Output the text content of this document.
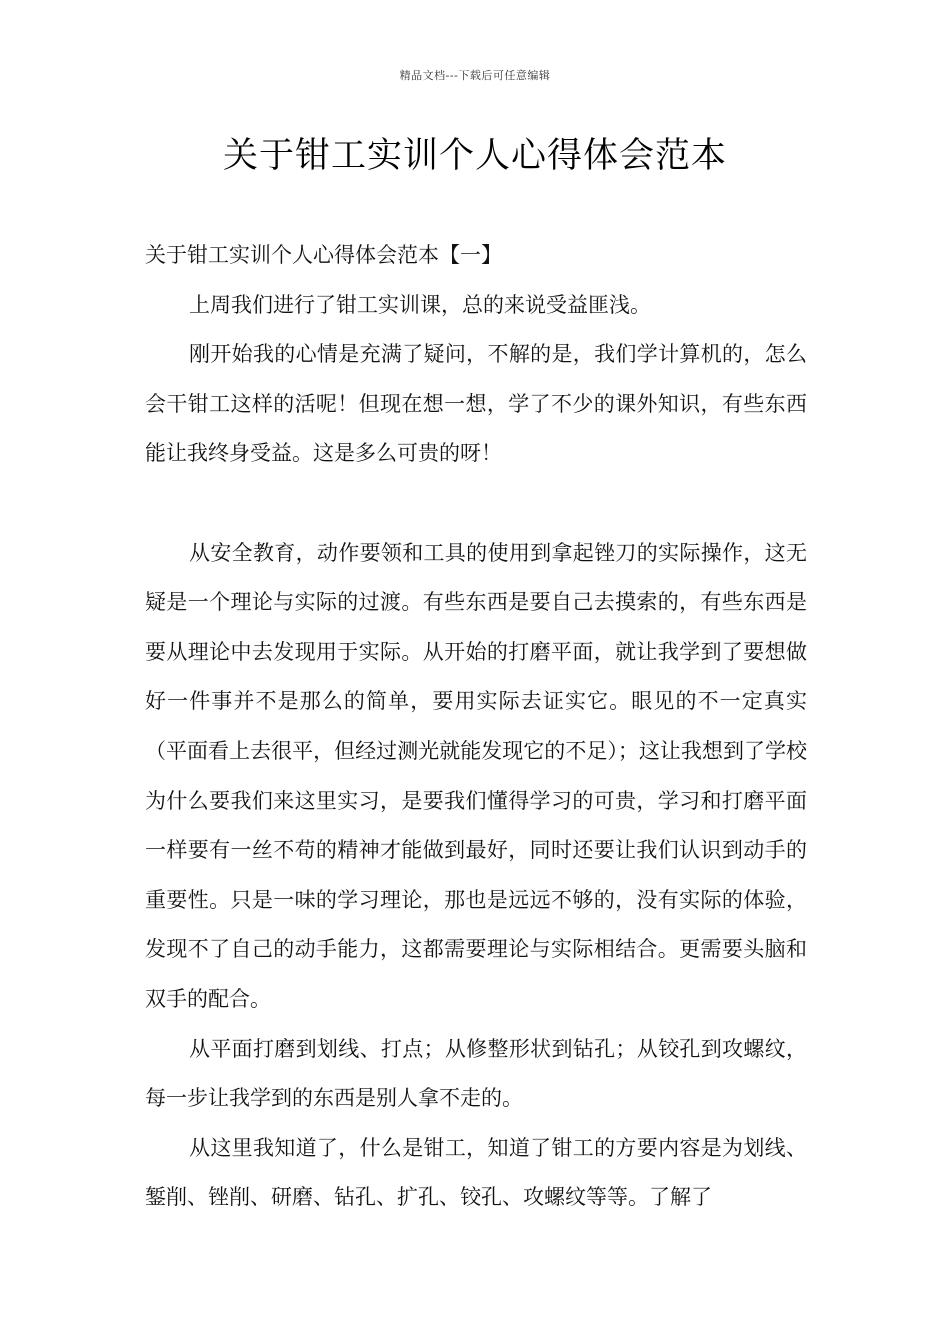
精品文档---下载后可任意编辑
关于钳工实训个人心得体会范本

关于钳工实训个人心得体会范本【一】

上周我们进行了钳工实训课，总的来说受益匪浅。

刚开始我的心情是充满了疑问，不解的是，我们学计算机的，怎么会干钳工这样的活呢！但现在想一想，学了不少的课外知识，有些东西能让我终身受益。这是多么可贵的呀！

从安全教育，动作要领和工具的使用到拿起锉刀的实际操作，这无疑是一个理论与实际的过渡。有些东西是要自己去摸索的，有些东西是要从理论中去发现用于实际。从开始的打磨平面，就让我学到了要想做好一件事并不是那么的简单，要用实际去证实它。眼见的不一定真实（平面看上去很平，但经过测光就能发现它的不足）；这让我想到了学校为什么要我们来这里实习，是要我们懂得学习的可贵，学习和打磨平面一样要有一丝不苟的精神才能做到最好，同时还要让我们认识到动手的重要性。只是一味的学习理论，那也是远远不够的，没有实际的体验，发现不了自己的动手能力，这都需要理论与实际相结合。更需要头脑和双手的配合。

从平面打磨到划线、打点；从修整形状到钻孔；从铰孔到攻螺纹，每一步让我学到的东西是别人拿不走的。

从这里我知道了，什么是钳工，知道了钳工的方要内容是为划线、錾削、锉削、研磨、钻孔、扩孔、铰孔、攻螺纹等等。了解了
